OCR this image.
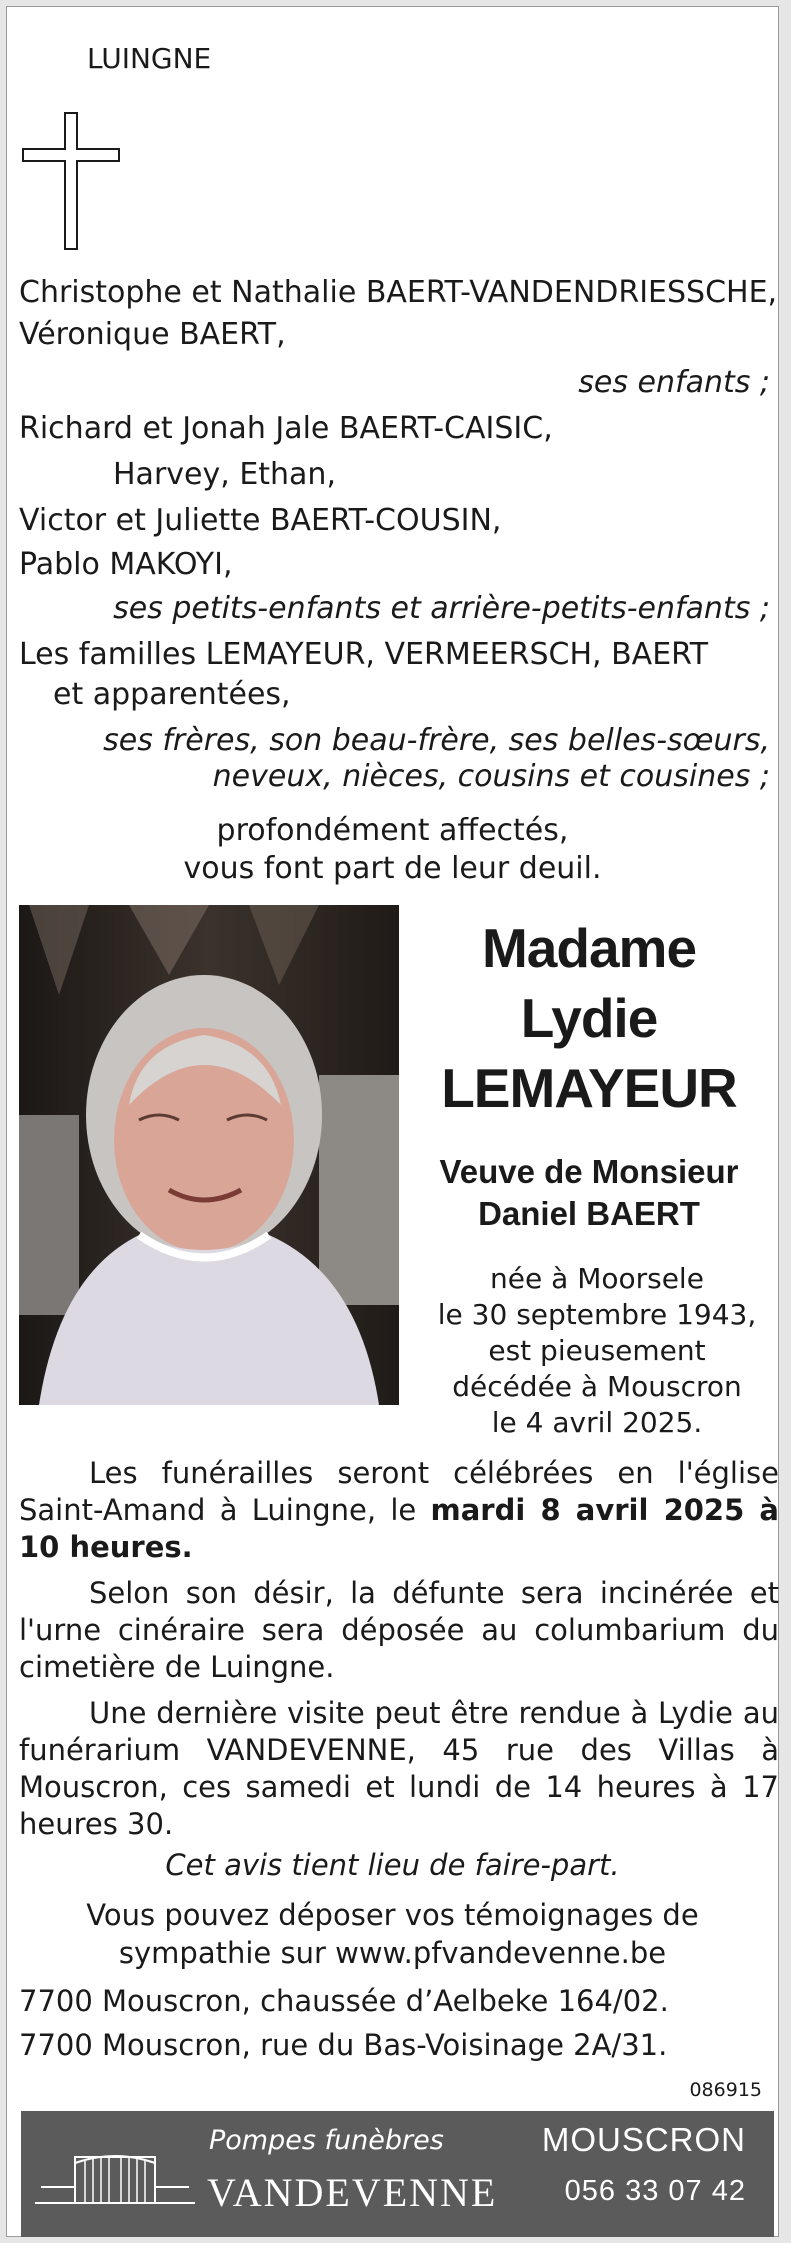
LUINGNE
Christophe et Nathalie BAERT-VANDENDRIESSCHE,
Véronique BAERT,
ses enfants ;
Richard et Jonah Jale BAERT-CAISIC,
Harvey, Ethan,
Victor et Juliette BAERT-COUSIN,
Pablo MAKOYI,
ses petits-enfants et arrière-petits-enfants ;
Les familles LEMAYEUR, VERMEERSCH, BAERT
et apparentées,
ses frères, son beau-frère, ses belles-sœurs,
neveux, nièces, cousins et cousines ;
profondément affectés,
vous font part de leur deuil.
Madame
Lydie
LEMAYEUR
Veuve de Monsieur
Daniel BAERT
née à Moorsele
le 30 septembre 1943,
est pieusement
décédée à Mouscron
le 4 avril 2025.
Les funérailles seront célébrées en l'église Saint-Amand à Luingne, le mardi 8 avril 2025 à 10 heures.
Selon son désir, la défunte sera incinérée et l'urne cinéraire sera déposée au columbarium du cimetière de Luingne.
Une dernière visite peut être rendue à Lydie au funérarium VANDEVENNE, 45 rue des Villas à Mouscron, ces samedi et lundi de 14 heures à 17 heures 30.
Cet avis tient lieu de faire-part.
Vous pouvez déposer vos témoignages de
sympathie sur www.pfvandevenne.be
7700 Mouscron, chaussée d’Aelbeke 164/02.
7700 Mouscron, rue du Bas-Voisinage 2A/31.
086915
Pompes funèbres
VANDEVENNE
MOUSCRON
056 33 07 42
